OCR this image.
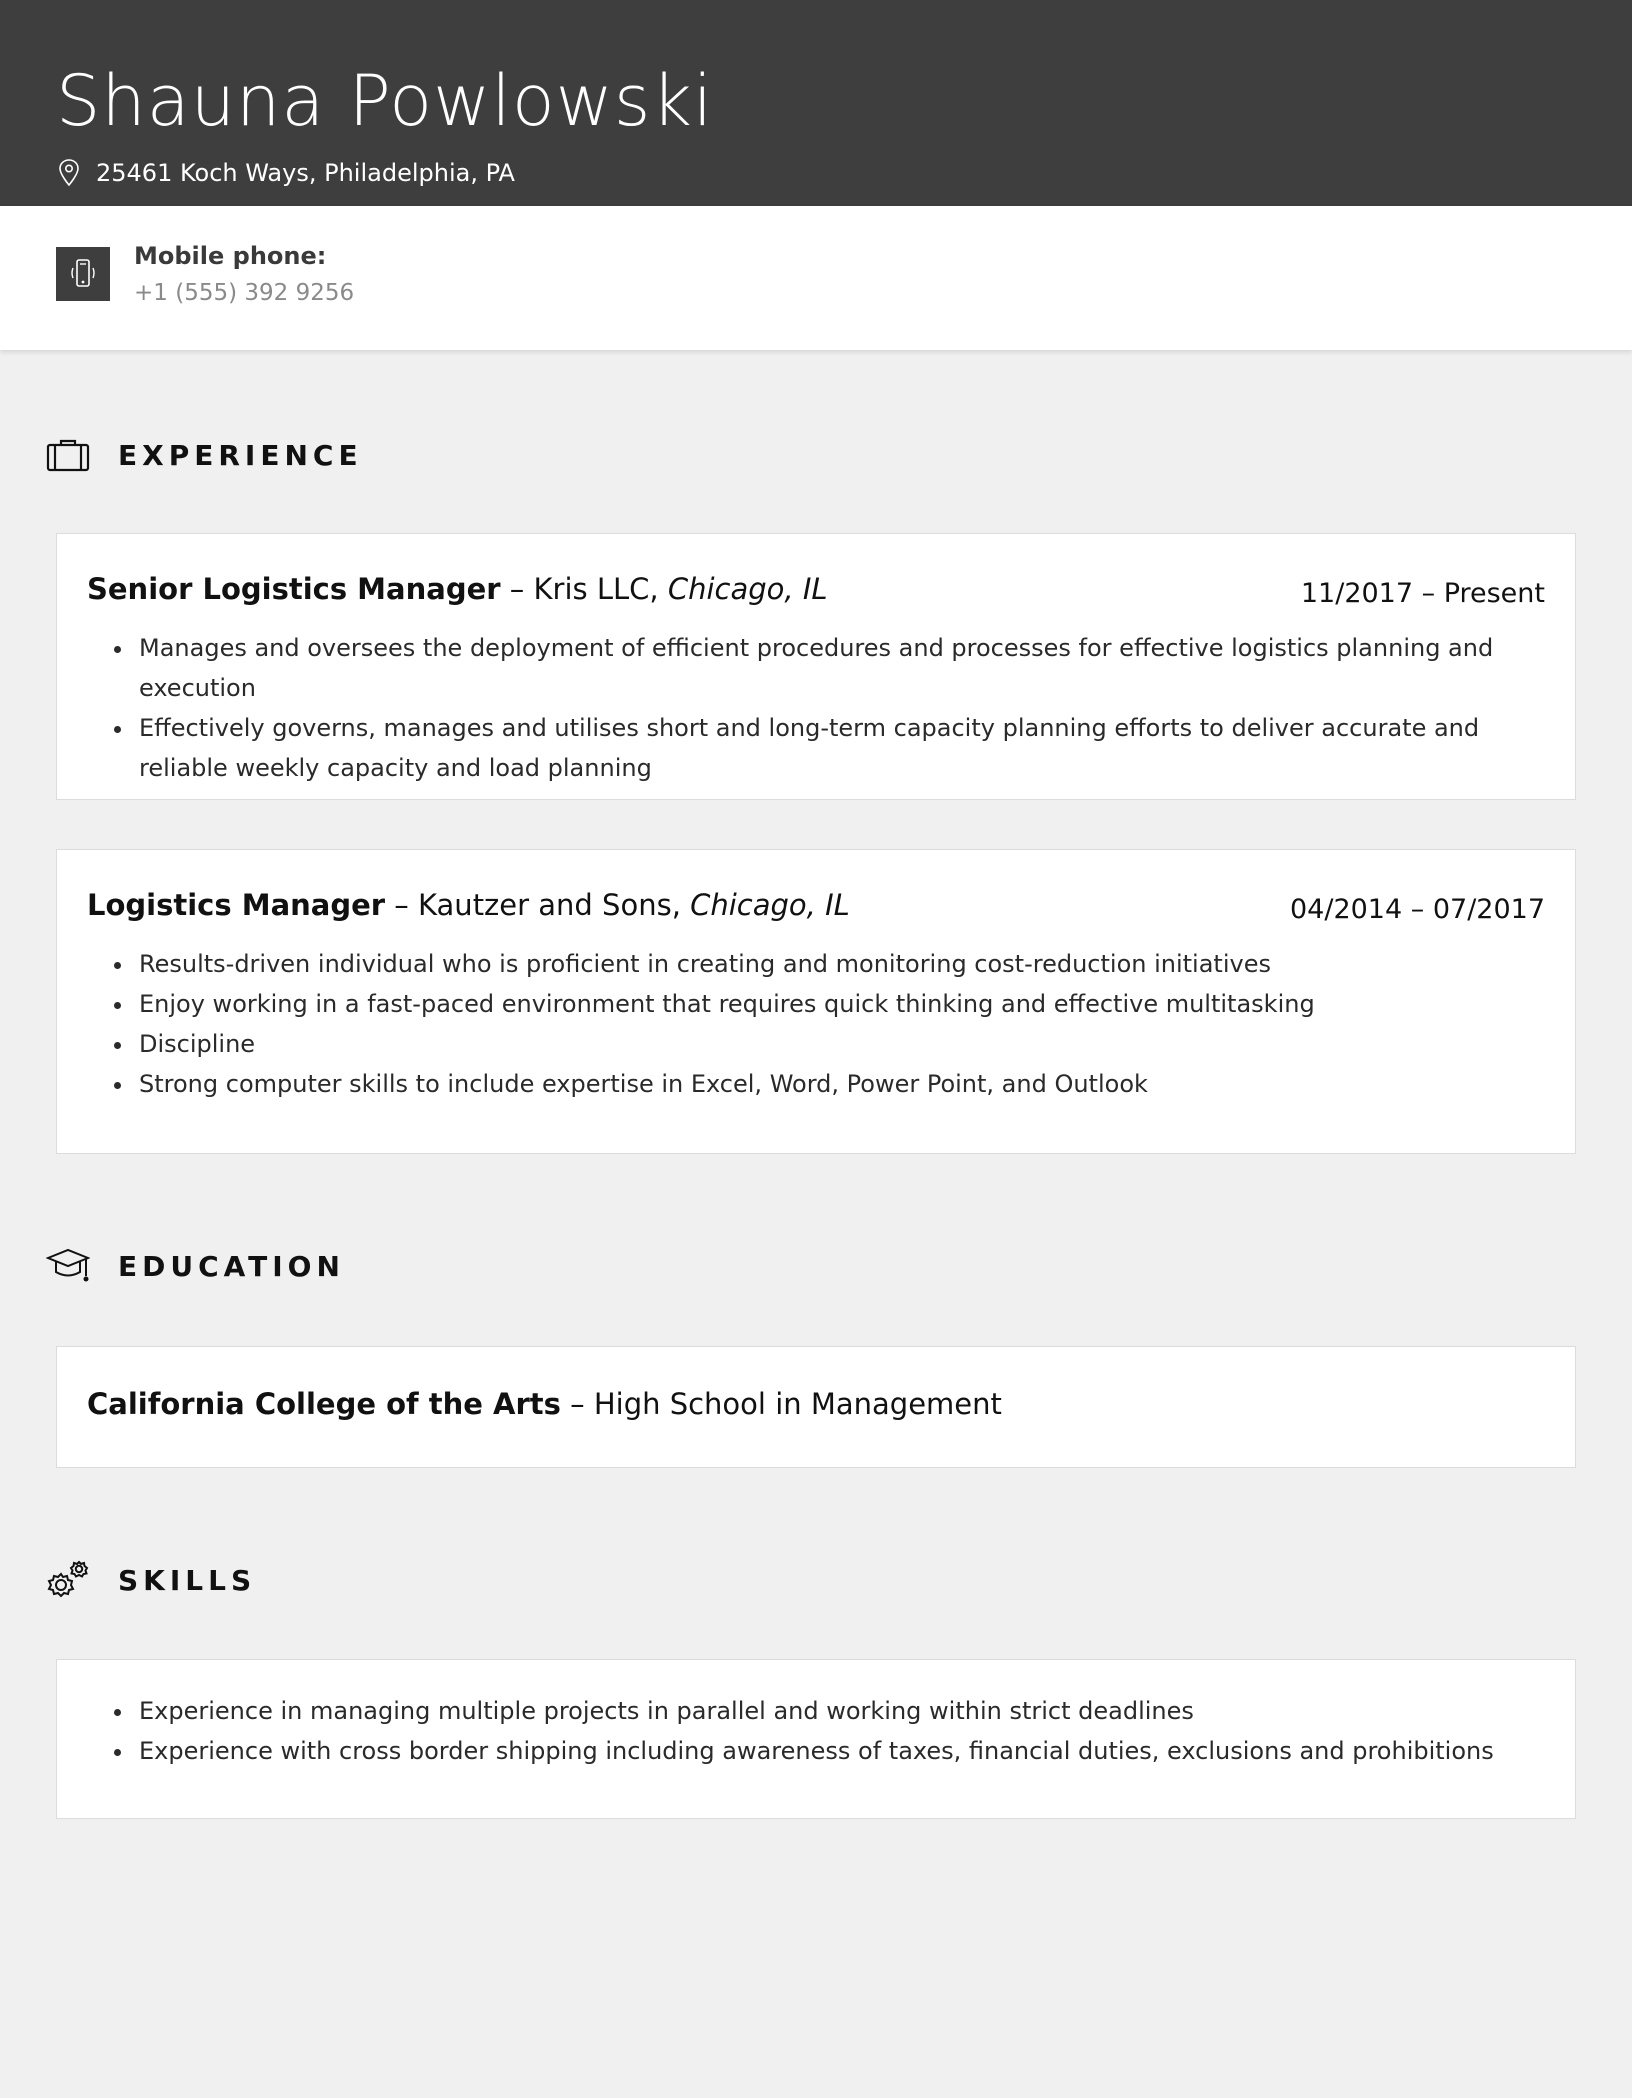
Shauna Powlowski
25461 Koch Ways, Philadelphia, PA
Mobile phone:
+1 (555) 392 9256
EXPERIENCE
Senior Logistics Manager – Kris LLC, Chicago, IL	11/2017 – Present
• Manages and oversees the deployment of efficient procedures and processes for effective logistics planning and execution
• Effectively governs, manages and utilises short and long-term capacity planning efforts to deliver accurate and reliable weekly capacity and load planning
Logistics Manager – Kautzer and Sons, Chicago, IL	04/2014 – 07/2017
• Results-driven individual who is proficient in creating and monitoring cost-reduction initiatives
• Enjoy working in a fast-paced environment that requires quick thinking and effective multitasking
• Discipline
• Strong computer skills to include expertise in Excel, Word, Power Point, and Outlook
EDUCATION
California College of the Arts – High School in Management
SKILLS
• Experience in managing multiple projects in parallel and working within strict deadlines
• Experience with cross border shipping including awareness of taxes, financial duties, exclusions and prohibitions
